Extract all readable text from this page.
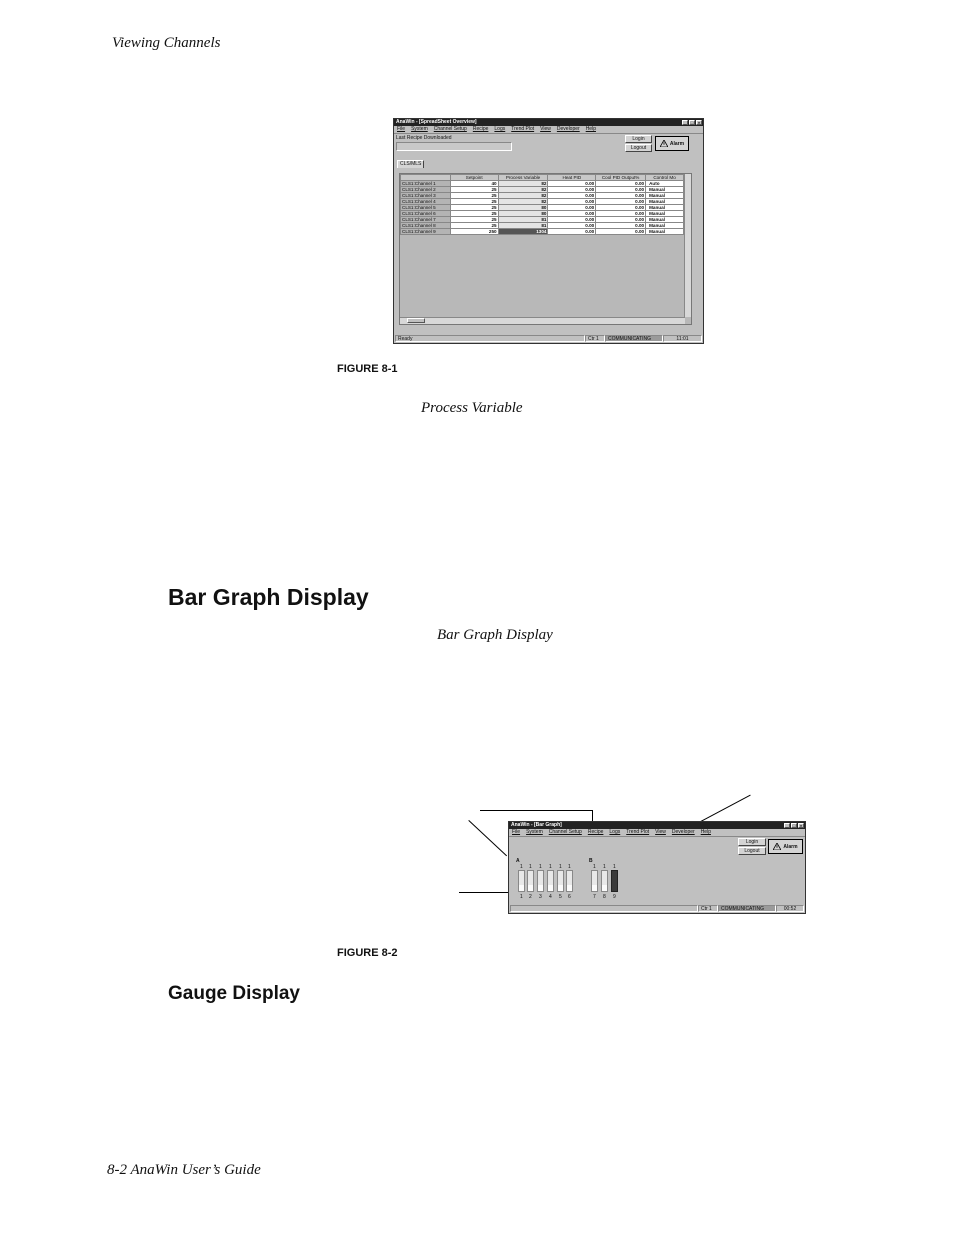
Viewing Channels
AnaWin - [SpreadSheet Overview]	_	□	×
File System Channel Setup Recipe Logs Trend Plot View Developer Help
Last Recipe Downloaded	Login
Logout
Alarm
CLS/MLS
	Setpoint	Process Variable	Heat PID	Cool PID Output%	Control Mo
CLS1:Channel 1	40	82	0.00	0.00	Auto
CLS1:Channel 2	25	82	0.00	0.00	Manual
CLS1:Channel 3	25	82	0.00	0.00	Manual
CLS1:Channel 4	25	82	0.00	0.00	Manual
CLS1:Channel 5	25	80	0.00	0.00	Manual
CLS1:Channel 6	25	80	0.00	0.00	Manual
CLS1:Channel 7	25	81	0.00	0.00	Manual
CLS1:Channel 8	25	81	0.00	0.00	Manual
CLS1:Channel 9	250	1304	0.00	0.00	Manual
Ready	Ctr 1	COMMUNICATING	11:01
FIGURE 8-1
Process Variable
Bar Graph Display
Bar Graph Display
AnaWin - [Bar Graph]	_	□	×
File System Channel Setup Recipe Logs Trend Plot View Developer Help
Login
Logout
Alarm
A	B
1 1 1 1 1 1	1 1 1
1 2 3 4 5 6	7 8 9
Ctr 1	COMMUNICATING	00:52
FIGURE 8-2
Gauge Display
8-2 AnaWin User’s Guide
